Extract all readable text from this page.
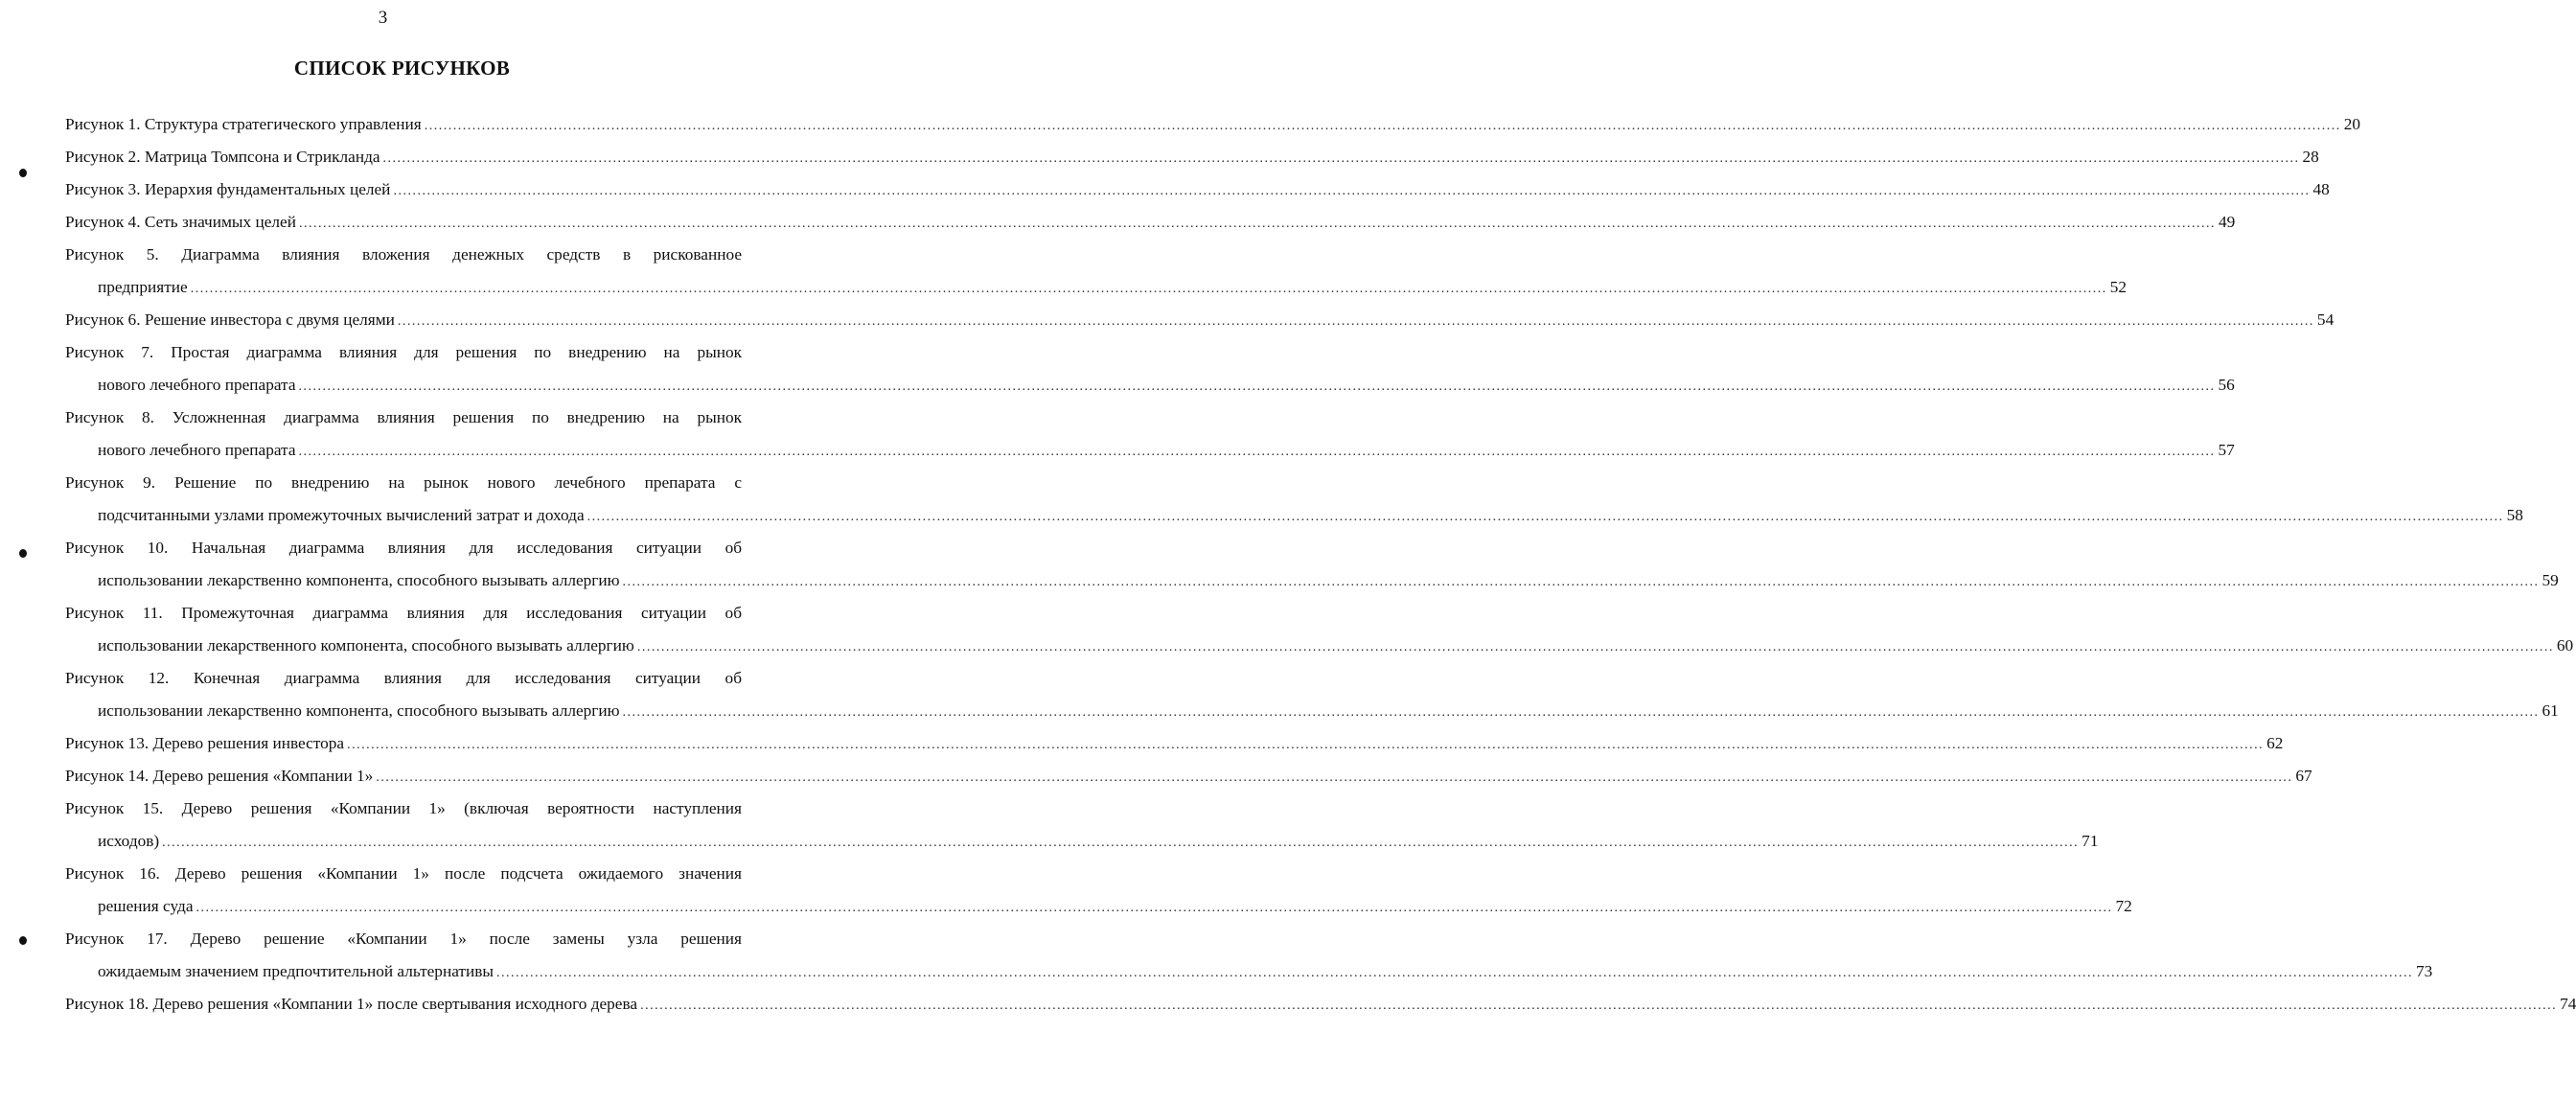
3
СПИСОК РИСУНКОВ
Рисунок 1. Структура стратегического управления ................................................................................................................................................................................................................................................................................................................................................................................................................ 20
Рисунок 2. Матрица Томпсона и Стрикланда ................................................................................................................................................................................................................................................................................................................................................................................................................ 28
Рисунок 3. Иерархия фундаментальных целей ................................................................................................................................................................................................................................................................................................................................................................................................................ 48
Рисунок 4. Сеть значимых целей ................................................................................................................................................................................................................................................................................................................................................................................................................ 49
Рисунок 5. Диаграмма влияния вложения денежных средств в рискованное
предприятие ................................................................................................................................................................................................................................................................................................................................................................................................................ 52
Рисунок 6. Решение инвестора с двумя целями ................................................................................................................................................................................................................................................................................................................................................................................................................ 54
Рисунок 7. Простая диаграмма влияния для решения по внедрению на рынок
нового лечебного препарата ................................................................................................................................................................................................................................................................................................................................................................................................................ 56
Рисунок 8. Усложненная диаграмма влияния решения по внедрению на рынок
нового лечебного препарата ................................................................................................................................................................................................................................................................................................................................................................................................................ 57
Рисунок 9. Решение по внедрению на рынок нового лечебного препарата с
подсчитанными узлами промежуточных вычислений затрат и дохода ................................................................................................................................................................................................................................................................................................................................................................................................................ 58
Рисунок 10. Начальная диаграмма влияния для исследования ситуации об
использовании лекарственно компонента, способного вызывать аллергию ................................................................................................................................................................................................................................................................................................................................................................................................................ 59
Рисунок 11. Промежуточная диаграмма влияния для исследования ситуации об
использовании лекарственного компонента, способного вызывать аллергию ................................................................................................................................................................................................................................................................................................................................................................................................................ 60
Рисунок 12. Конечная диаграмма влияния для исследования ситуации об
использовании лекарственно компонента, способного вызывать аллергию ................................................................................................................................................................................................................................................................................................................................................................................................................ 61
Рисунок 13. Дерево решения инвестора ................................................................................................................................................................................................................................................................................................................................................................................................................ 62
Рисунок 14. Дерево решения «Компании 1» ................................................................................................................................................................................................................................................................................................................................................................................................................ 67
Рисунок 15. Дерево решения «Компании 1» (включая вероятности наступления
исходов) ................................................................................................................................................................................................................................................................................................................................................................................................................ 71
Рисунок 16. Дерево решения «Компании 1» после подсчета ожидаемого значения
решения суда ................................................................................................................................................................................................................................................................................................................................................................................................................ 72
Рисунок 17. Дерево решение «Компании 1» после замены узла решения
ожидаемым значением предпочтительной альтернативы ................................................................................................................................................................................................................................................................................................................................................................................................................ 73
Рисунок 18. Дерево решения «Компании 1» после свертывания исходного дерева ................................................................................................................................................................................................................................................................................................................................................................................................................ 74
